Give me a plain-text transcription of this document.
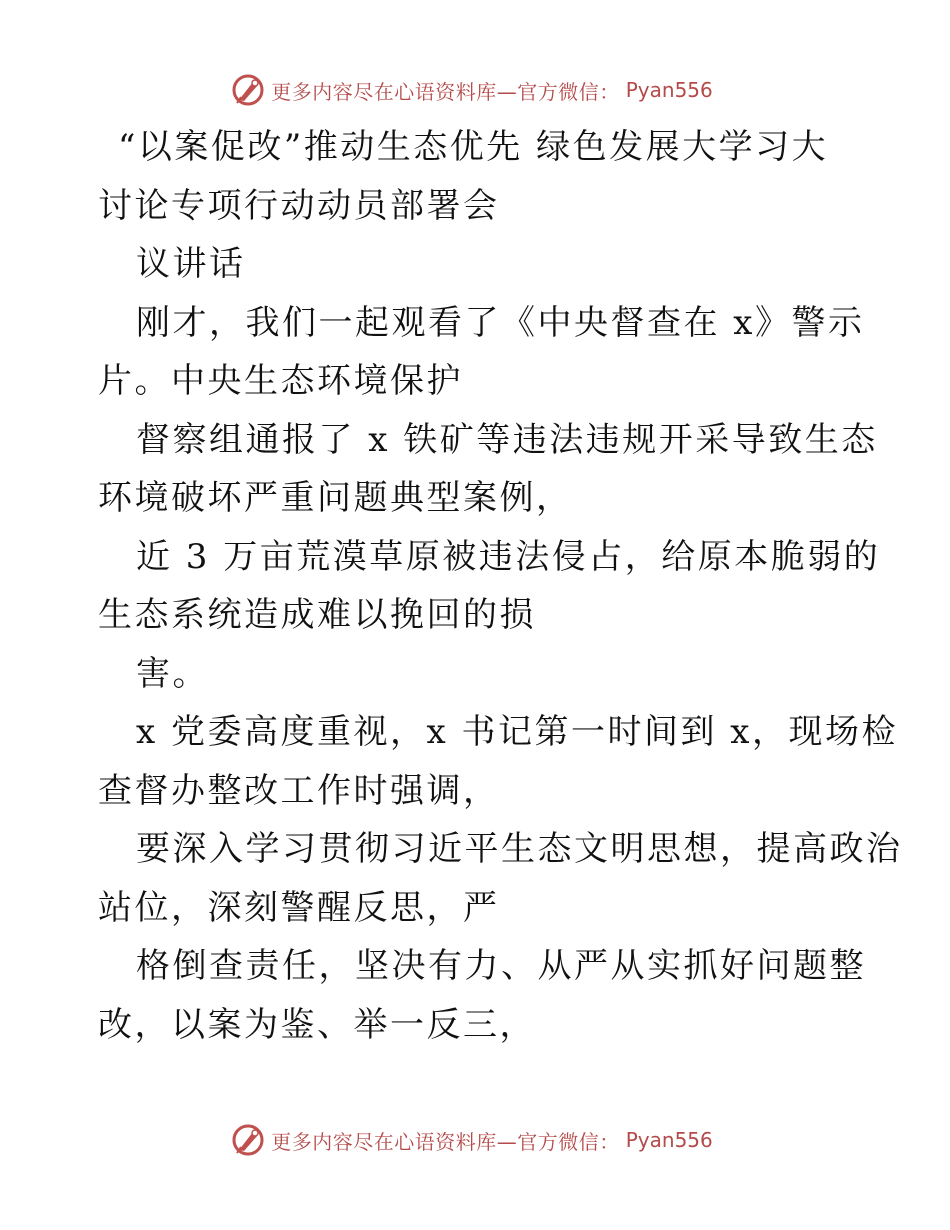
更多内容尽在心语资料库—官方微信： Pyan556
“以案促改”推动生态优先 绿色发展大学习大
讨论专项行动动员部署会
议讲话
刚才，我们一起观看了《中央督查在 x》警示
片。中央生态环境保护
督察组通报了 x 铁矿等违法违规开采导致生态
环境破坏严重问题典型案例，
近 3 万亩荒漠草原被违法侵占，给原本脆弱的
生态系统造成难以挽回的损
害。
x 党委高度重视，x 书记第一时间到 x，现场检
查督办整改工作时强调，
要深入学习贯彻习近平生态文明思想，提高政治
站位，深刻警醒反思，严
格倒查责任，坚决有力、从严从实抓好问题整
改，以案为鉴、举一反三，
更多内容尽在心语资料库—官方微信： Pyan556
